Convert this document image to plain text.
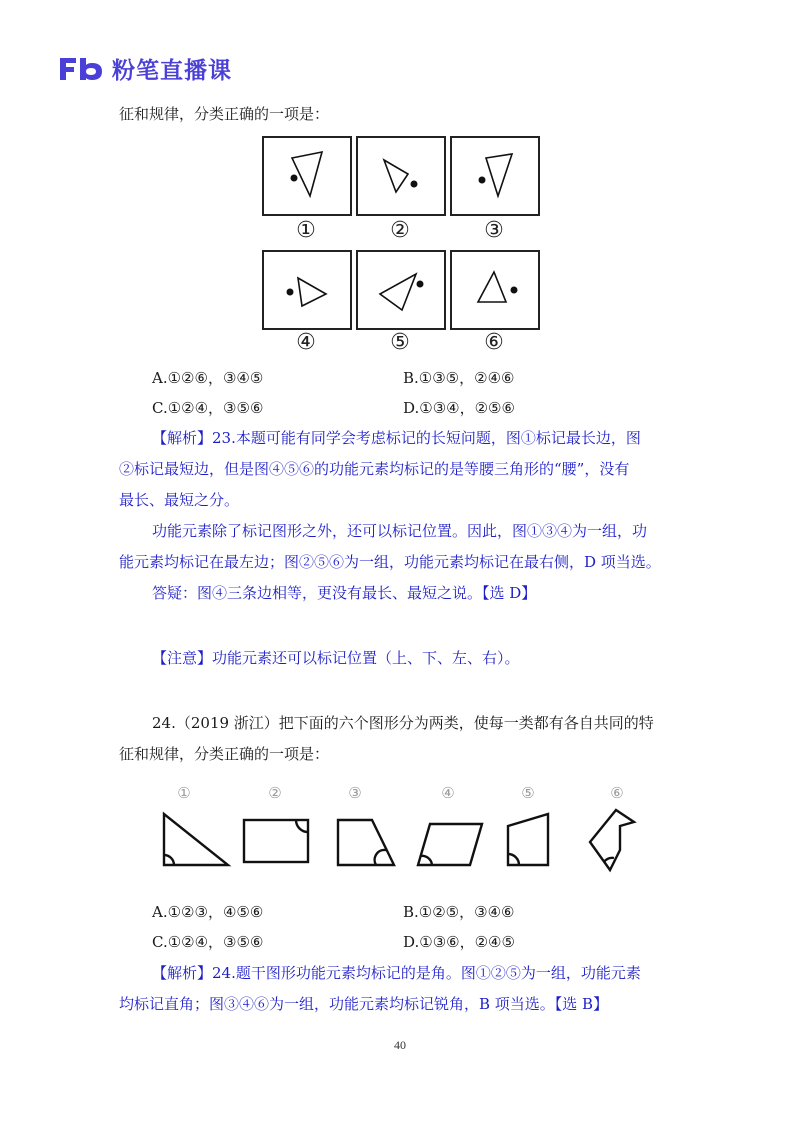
粉笔直播课
征和规律，分类正确的一项是：
①	②	③
④	⑤	⑥
A.①②⑥，③④⑤	B.①③⑤，②④⑥
C.①②④，③⑤⑥	D.①③④，②⑤⑥
【解析】23.本题可能有同学会考虑标记的长短问题，图①标记最长边，图
②标记最短边，但是图④⑤⑥的功能元素均标记的是等腰三角形的“腰”，没有
最长、最短之分。
功能元素除了标记图形之外，还可以标记位置。因此，图①③④为一组，功
能元素均标记在最左边；图②⑤⑥为一组，功能元素均标记在最右侧，D 项当选。
答疑：图④三条边相等，更没有最长、最短之说。【选 D】
【注意】功能元素还可以标记位置（上、下、左、右）。
24.（2019 浙江）把下面的六个图形分为两类，使每一类都有各自共同的特
征和规律，分类正确的一项是：
①	②	③	④	⑤	⑥
A.①②③，④⑤⑥	B.①②⑤，③④⑥
C.①②④，③⑤⑥	D.①③⑥，②④⑤
【解析】24.题干图形功能元素均标记的是角。图①②⑤为一组，功能元素
均标记直角；图③④⑥为一组，功能元素均标记锐角，B 项当选。【选 B】
40
